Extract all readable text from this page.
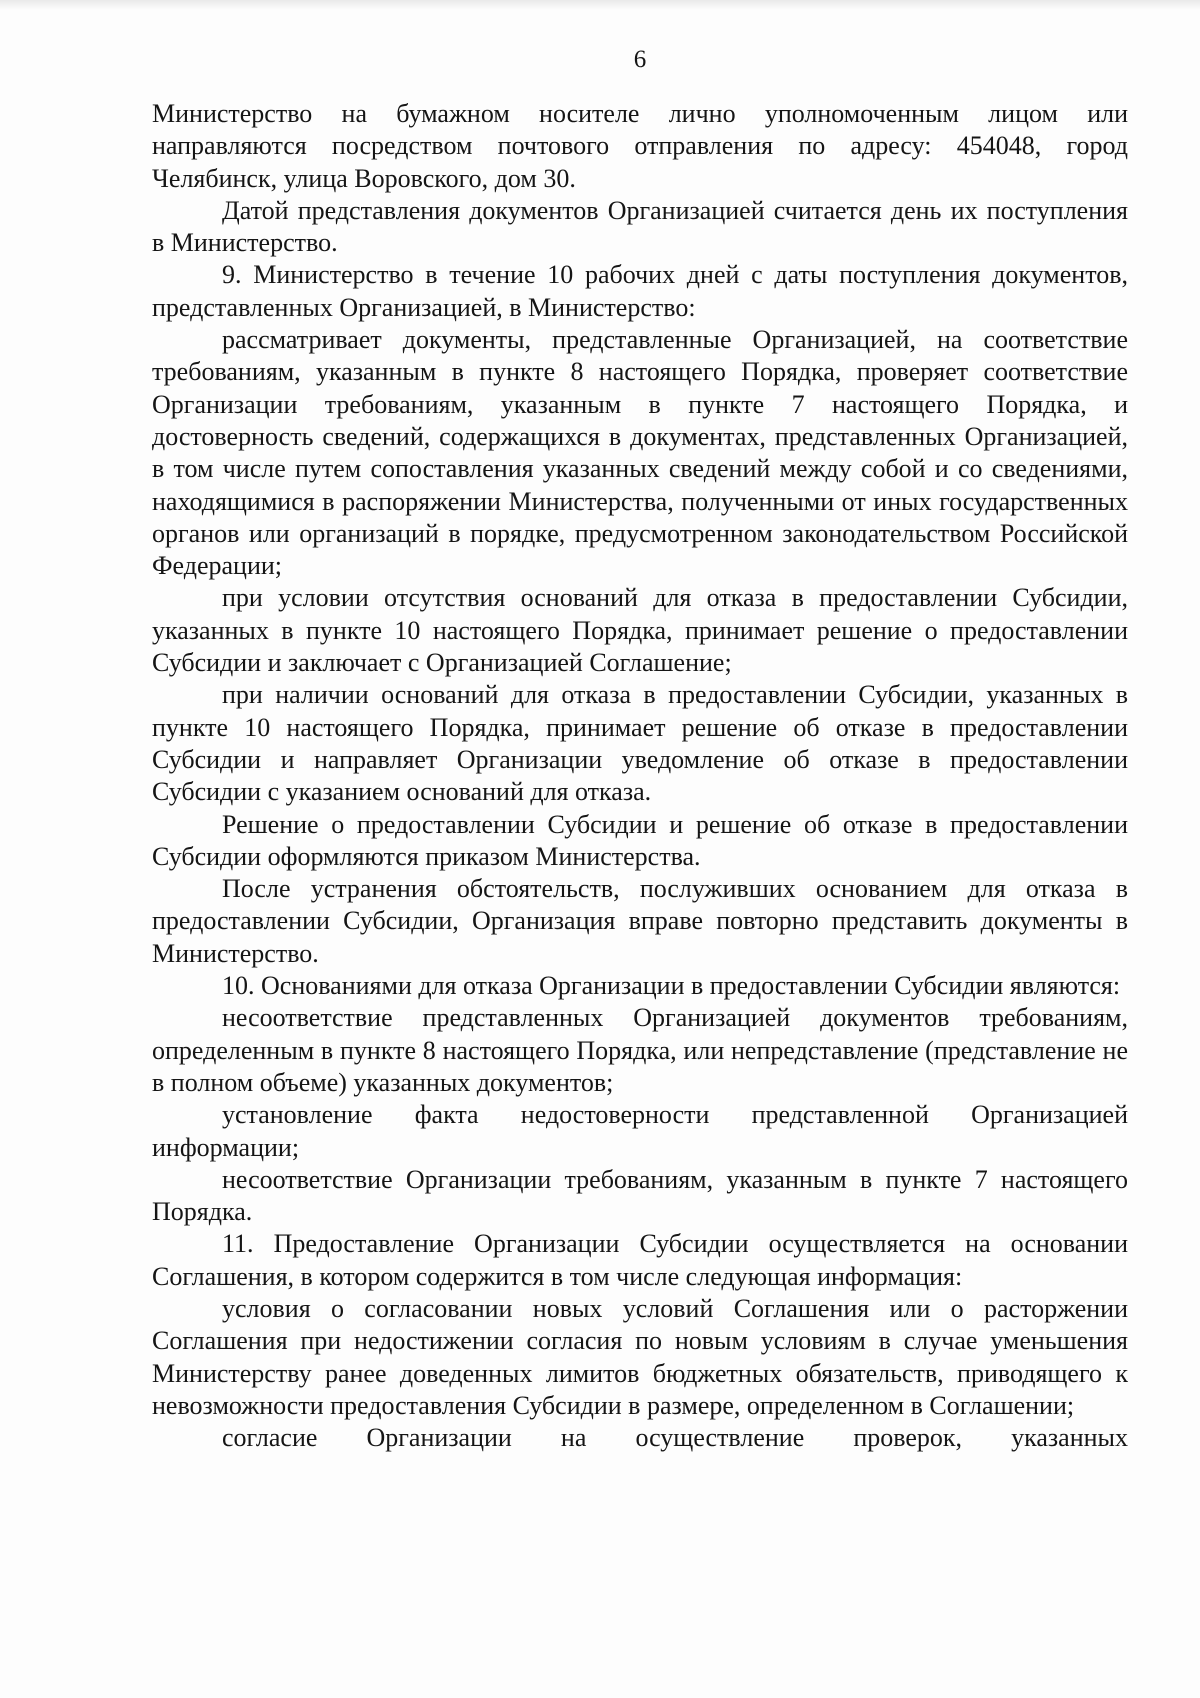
6

Министерство на бумажном носителе лично уполномоченным лицом или направляются посредством почтового отправления по адресу: 454048, город Челябинск, улица Воровского, дом 30.

Датой представления документов Организацией считается день их поступления в Министерство.

9. Министерство в течение 10 рабочих дней с даты поступления документов, представленных Организацией, в Министерство:

рассматривает документы, представленные Организацией, на соответствие требованиям, указанным в пункте 8 настоящего Порядка, проверяет соответствие Организации требованиям, указанным в пункте 7 настоящего Порядка, и достоверность сведений, содержащихся в документах, представленных Организацией, в том числе путем сопоставления указанных сведений между собой и со сведениями, находящимися в распоряжении Министерства, полученными от иных государственных органов или организаций в порядке, предусмотренном законодательством Российской Федерации;

при условии отсутствия оснований для отказа в предоставлении Субсидии, указанных в пункте 10 настоящего Порядка, принимает решение о предоставлении Субсидии и заключает с Организацией Соглашение;

при наличии оснований для отказа в предоставлении Субсидии, указанных в пункте 10 настоящего Порядка, принимает решение об отказе в предоставлении Субсидии и направляет Организации уведомление об отказе в предоставлении Субсидии с указанием оснований для отказа.

Решение о предоставлении Субсидии и решение об отказе в предоставлении Субсидии оформляются приказом Министерства.

После устранения обстоятельств, послуживших основанием для отказа в предоставлении Субсидии, Организация вправе повторно представить документы в Министерство.

10. Основаниями для отказа Организации в предоставлении Субсидии являются:

несоответствие представленных Организацией документов требованиям, определенным в пункте 8 настоящего Порядка, или непредставление (представление не в полном объеме) указанных документов;

установление факта недостоверности представленной Организацией информации;

несоответствие Организации требованиям, указанным в пункте 7 настоящего Порядка.

11. Предоставление Организации Субсидии осуществляется на основании Соглашения, в котором содержится в том числе следующая информация:

условия о согласовании новых условий Соглашения или о расторжении Соглашения при недостижении согласия по новым условиям в случае уменьшения Министерству ранее доведенных лимитов бюджетных обязательств, приводящего к невозможности предоставления Субсидии в размере, определенном в Соглашении;

согласие Организации на осуществление проверок, указанных
